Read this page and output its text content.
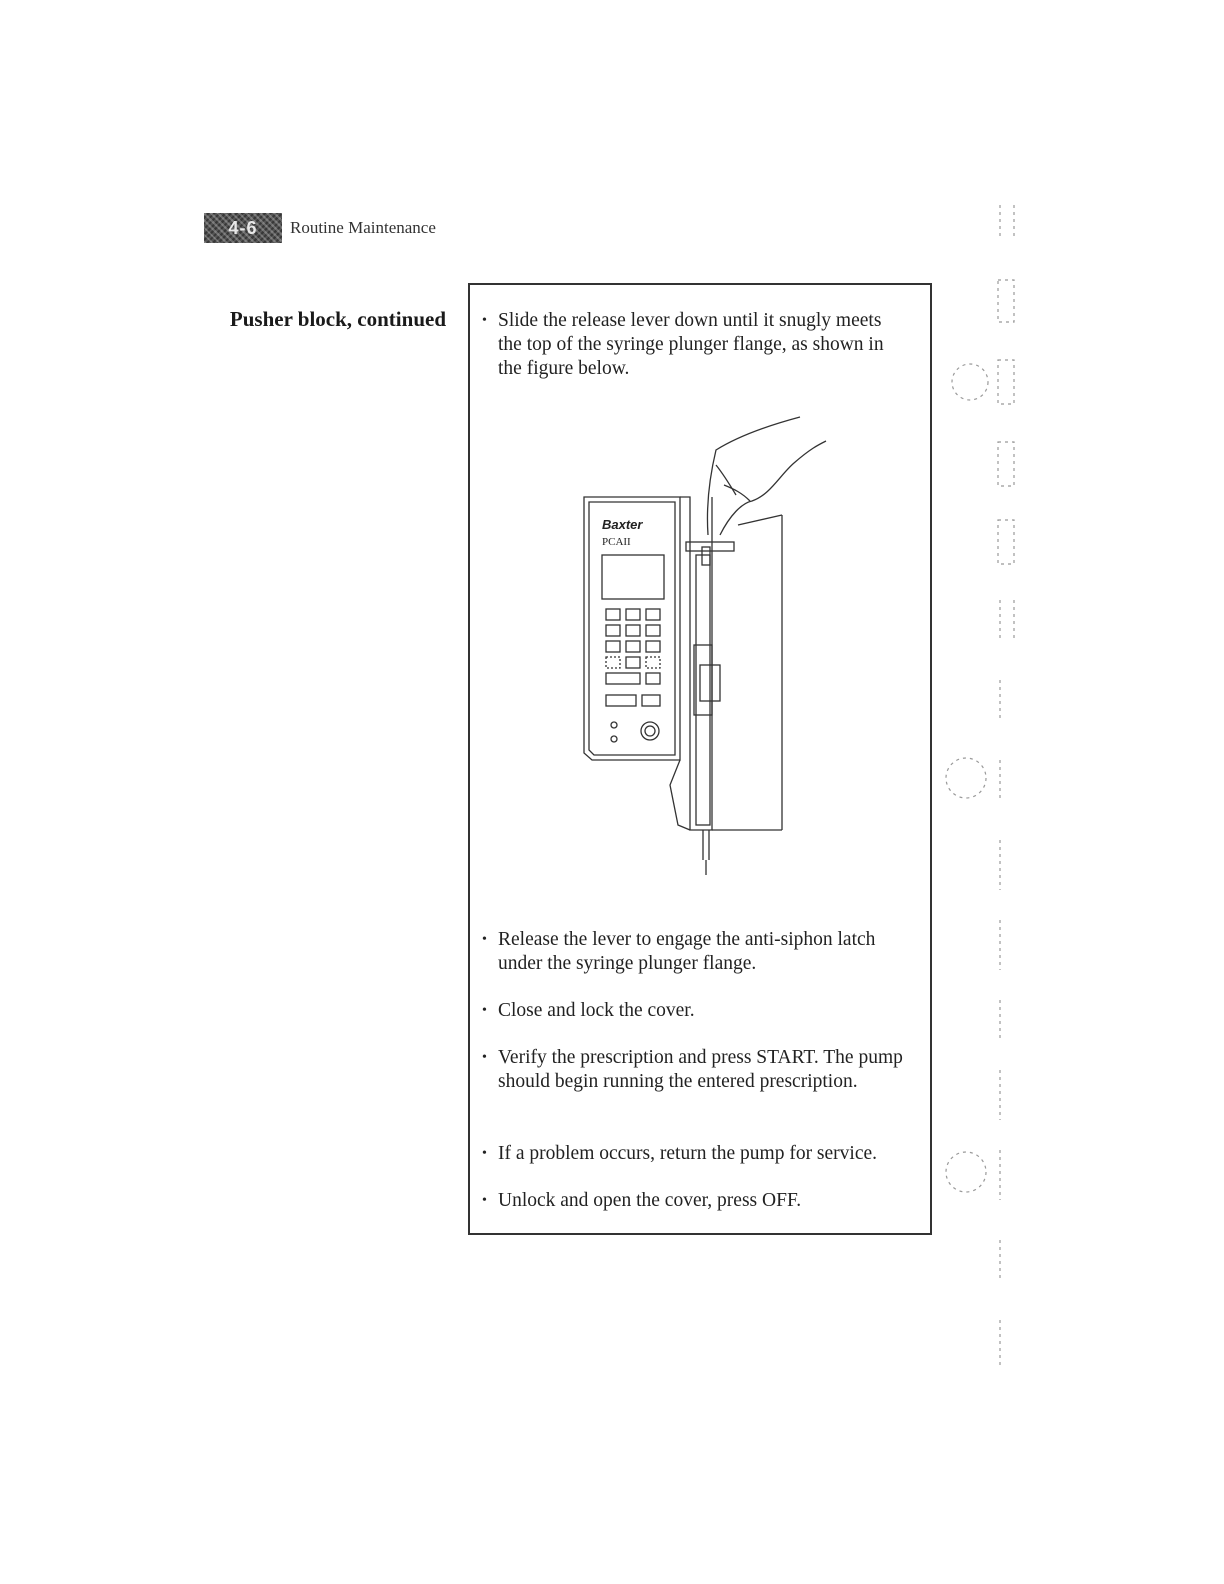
4-6	Routine Maintenance
Pusher block, continued	• Slide the release lever down until it snugly meets the top of the syringe plunger flange, as shown in the figure below.
Baxter
PCAII
• Release the lever to engage the anti-siphon latch under the syringe plunger flange.
• Close and lock the cover.
• Verify the prescription and press START. The pump should begin running the entered prescription.
• If a problem occurs, return the pump for service.
• Unlock and open the cover, press OFF.
